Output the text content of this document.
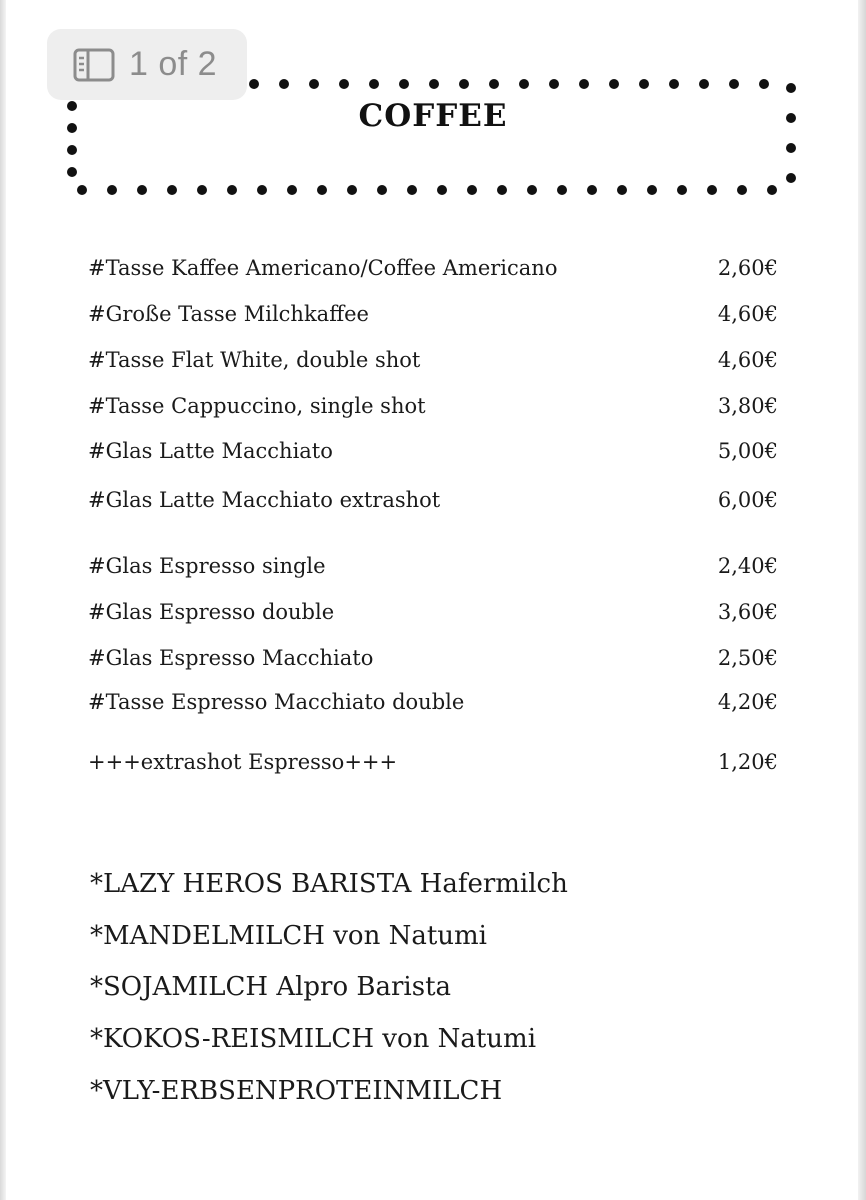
1 of 2
COFFEE
#Tasse Kaffee Americano/Coffee Americano	2,60€
#Große Tasse Milchkaffee	4,60€
#Tasse Flat White, double shot	4,60€
#Tasse Cappuccino, single shot	3,80€
#Glas Latte Macchiato	5,00€
#Glas Latte Macchiato extrashot	6,00€
#Glas Espresso single	2,40€
#Glas Espresso double	3,60€
#Glas Espresso Macchiato	2,50€
#Tasse Espresso Macchiato double	4,20€
+++extrashot Espresso+++	1,20€
*LAZY HEROS BARISTA Hafermilch
*MANDELMILCH von Natumi
*SOJAMILCH Alpro Barista
*KOKOS-REISMILCH von Natumi
*VLY-ERBSENPROTEINMILCH
